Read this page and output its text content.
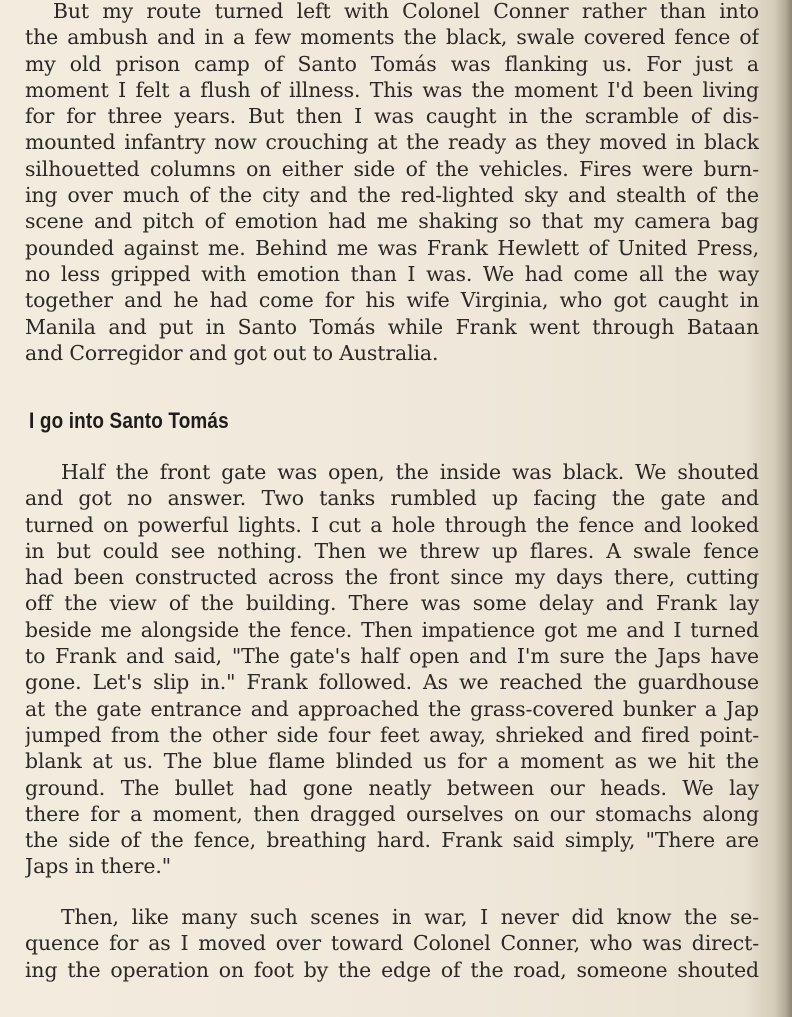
But my route turned left with Colonel Conner rather than into
the ambush and in a few moments the black, swale covered fence of
my old prison camp of Santo Tomás was flanking us. For just a
moment I felt a flush of illness. This was the moment I'd been living
for for three years. But then I was caught in the scramble of dis-
mounted infantry now crouching at the ready as they moved in black
silhouetted columns on either side of the vehicles. Fires were burn-
ing over much of the city and the red-lighted sky and stealth of the
scene and pitch of emotion had me shaking so that my camera bag
pounded against me. Behind me was Frank Hewlett of United Press,
no less gripped with emotion than I was. We had come all the way
together and he had come for his wife Virginia, who got caught in
Manila and put in Santo Tomás while Frank went through Bataan
and Corregidor and got out to Australia.
I go into Santo Tomás
Half the front gate was open, the inside was black. We shouted
and got no answer. Two tanks rumbled up facing the gate and
turned on powerful lights. I cut a hole through the fence and looked
in but could see nothing. Then we threw up flares. A swale fence
had been constructed across the front since my days there, cutting
off the view of the building. There was some delay and Frank lay
beside me alongside the fence. Then impatience got me and I turned
to Frank and said, "The gate's half open and I'm sure the Japs have
gone. Let's slip in." Frank followed. As we reached the guardhouse
at the gate entrance and approached the grass-covered bunker a Jap
jumped from the other side four feet away, shrieked and fired point-
blank at us. The blue flame blinded us for a moment as we hit the
ground. The bullet had gone neatly between our heads. We lay
there for a moment, then dragged ourselves on our stomachs along
the side of the fence, breathing hard. Frank said simply, "There are
Japs in there."
Then, like many such scenes in war, I never did know the se-
quence for as I moved over toward Colonel Conner, who was direct-
ing the operation on foot by the edge of the road, someone shouted
